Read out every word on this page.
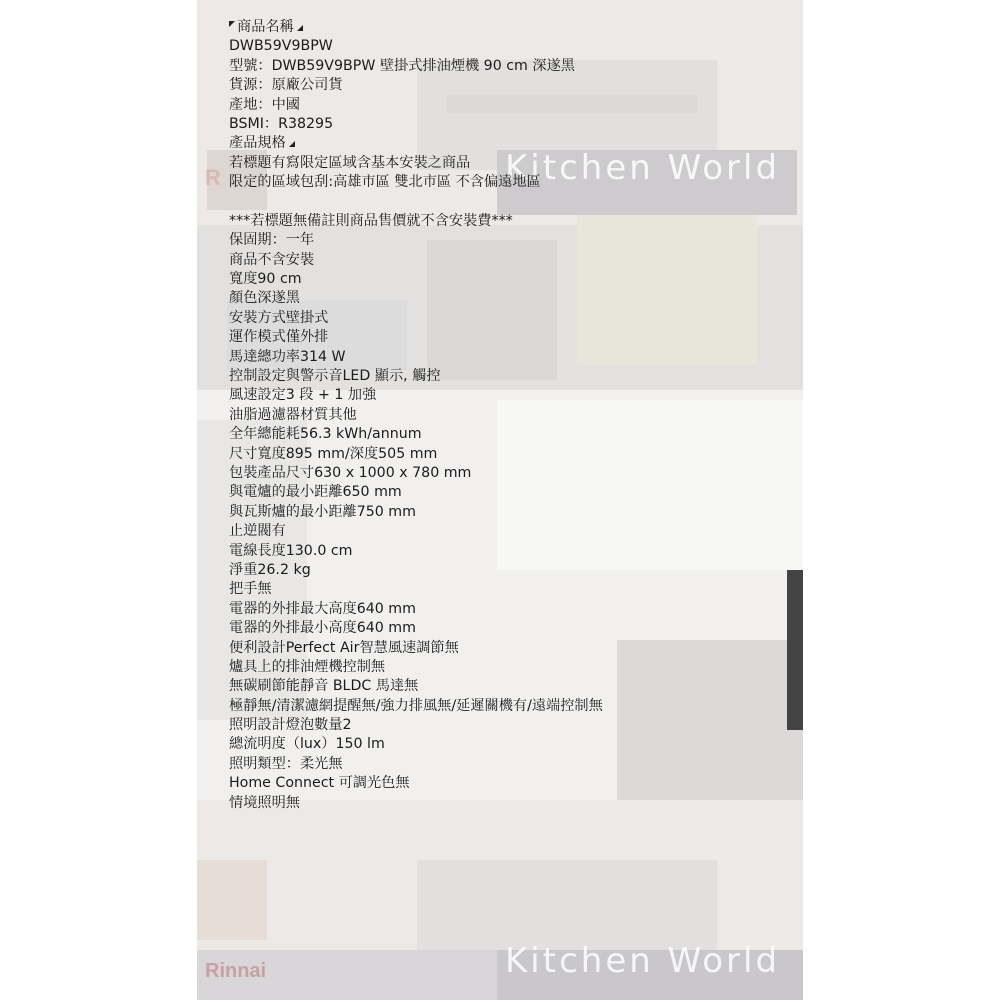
Kitchen World
Kitchen World
R
Rinnai
商品名稱
DWB59V9BPW
型號：DWB59V9BPW 壁掛式排油煙機 90 cm 深遂黑
貨源：原廠公司貨
產地：中國
BSMI：R38295
產品規格
若標題有寫限定區域含基本安裝之商品
限定的區域包刮:高雄市區 雙北市區 不含偏遠地區
***若標題無備註則商品售價就不含安裝費***
保固期：一年
商品不含安裝
寬度90 cm
顏色深遂黑
安裝方式壁掛式
運作模式僅外排
馬達總功率314 W
控制設定與警示音LED 顯示, 觸控
風速設定3 段 + 1 加強
油脂過濾器材質其他
全年總能耗56.3 kWh/annum
尺寸寬度895 mm/深度505 mm
包裝產品尺寸630 x 1000 x 780 mm
與電爐的最小距離650 mm
與瓦斯爐的最小距離750 mm
止逆閥有
電線長度130.0 cm
淨重26.2 kg
把手無
電器的外排最大高度640 mm
電器的外排最小高度640 mm
便利設計Perfect Air智慧風速調節無
爐具上的排油煙機控制無
無碳刷節能靜音 BLDC 馬達無
極靜無/清潔濾網提醒無/強力排風無/延遲關機有/遠端控制無
照明設計燈泡數量2
總流明度（lux）150 lm
照明類型：柔光無
Home Connect 可調光色無
情境照明無
